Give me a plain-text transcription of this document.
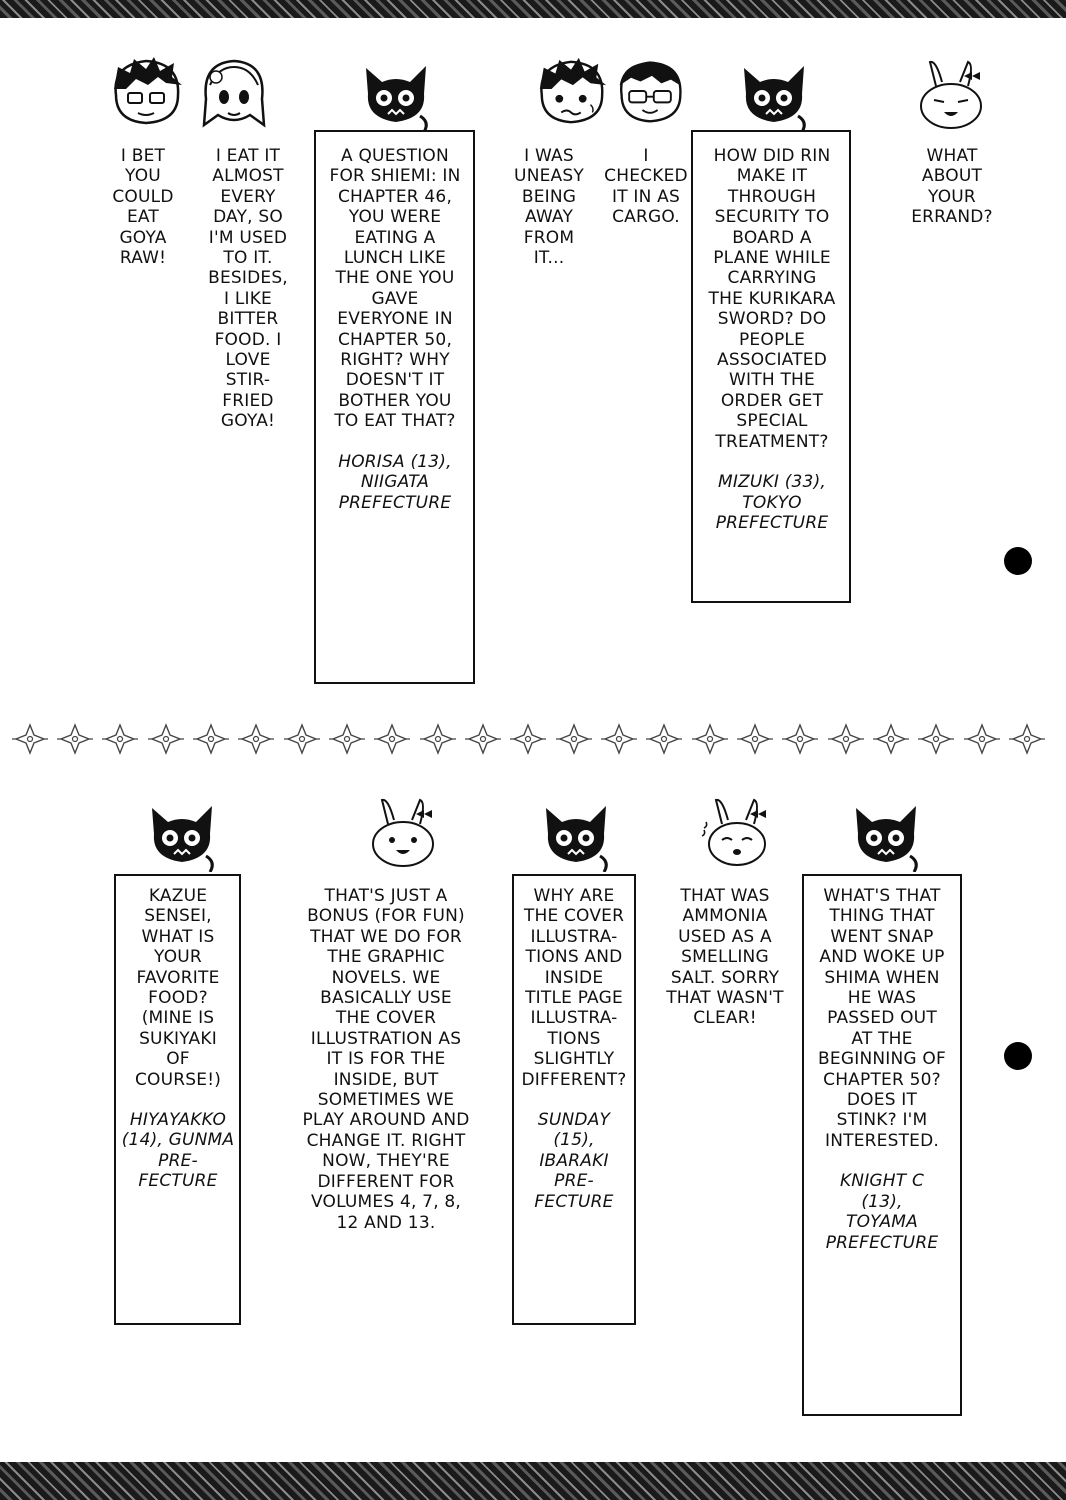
I BET
YOU
COULD
EAT
GOYA
RAW!
I EAT IT
ALMOST
EVERY
DAY, SO
I'M USED
TO IT.
BESIDES,
I LIKE
BITTER
FOOD. I
LOVE
STIR-
FRIED
GOYA!
A QUESTION
FOR SHIEMI: IN
CHAPTER 46,
YOU WERE
EATING A
LUNCH LIKE
THE ONE YOU
GAVE
EVERYONE IN
CHAPTER 50,
RIGHT? WHY
DOESN'T IT
BOTHER YOU
TO EAT THAT?
HORISA (13),
NIIGATA
PREFECTURE
I WAS
UNEASY
BEING
AWAY
FROM
IT...
I
CHECKED
IT IN AS
CARGO.
HOW DID RIN
MAKE IT
THROUGH
SECURITY TO
BOARD A
PLANE WHILE
CARRYING
THE KURIKARA
SWORD? DO
PEOPLE
ASSOCIATED
WITH THE
ORDER GET
SPECIAL
TREATMENT?
MIZUKI (33),
TOKYO
PREFECTURE
WHAT
ABOUT
YOUR
ERRAND?
KAZUE
SENSEI,
WHAT IS
YOUR
FAVORITE
FOOD?
(MINE IS
SUKIYAKI
OF
COURSE!)
HIYAYAKKO
(14), GUNMA
PRE-
FECTURE
THAT'S JUST A
BONUS (FOR FUN)
THAT WE DO FOR
THE GRAPHIC
NOVELS. WE
BASICALLY USE
THE COVER
ILLUSTRATION AS
IT IS FOR THE
INSIDE, BUT
SOMETIMES WE
PLAY AROUND AND
CHANGE IT. RIGHT
NOW, THEY'RE
DIFFERENT FOR
VOLUMES 4, 7, 8,
12 AND 13.
WHY ARE
THE COVER
ILLUSTRA-
TIONS AND
INSIDE
TITLE PAGE
ILLUSTRA-
TIONS
SLIGHTLY
DIFFERENT?
SUNDAY
(15),
IBARAKI
PRE-
FECTURE
THAT WAS
AMMONIA
USED AS A
SMELLING
SALT. SORRY
THAT WASN'T
CLEAR!
WHAT'S THAT
THING THAT
WENT SNAP
AND WOKE UP
SHIMA WHEN
HE WAS
PASSED OUT
AT THE
BEGINNING OF
CHAPTER 50?
DOES IT
STINK? I'M
INTERESTED.
KNIGHT C
(13),
TOYAMA
PREFECTURE
